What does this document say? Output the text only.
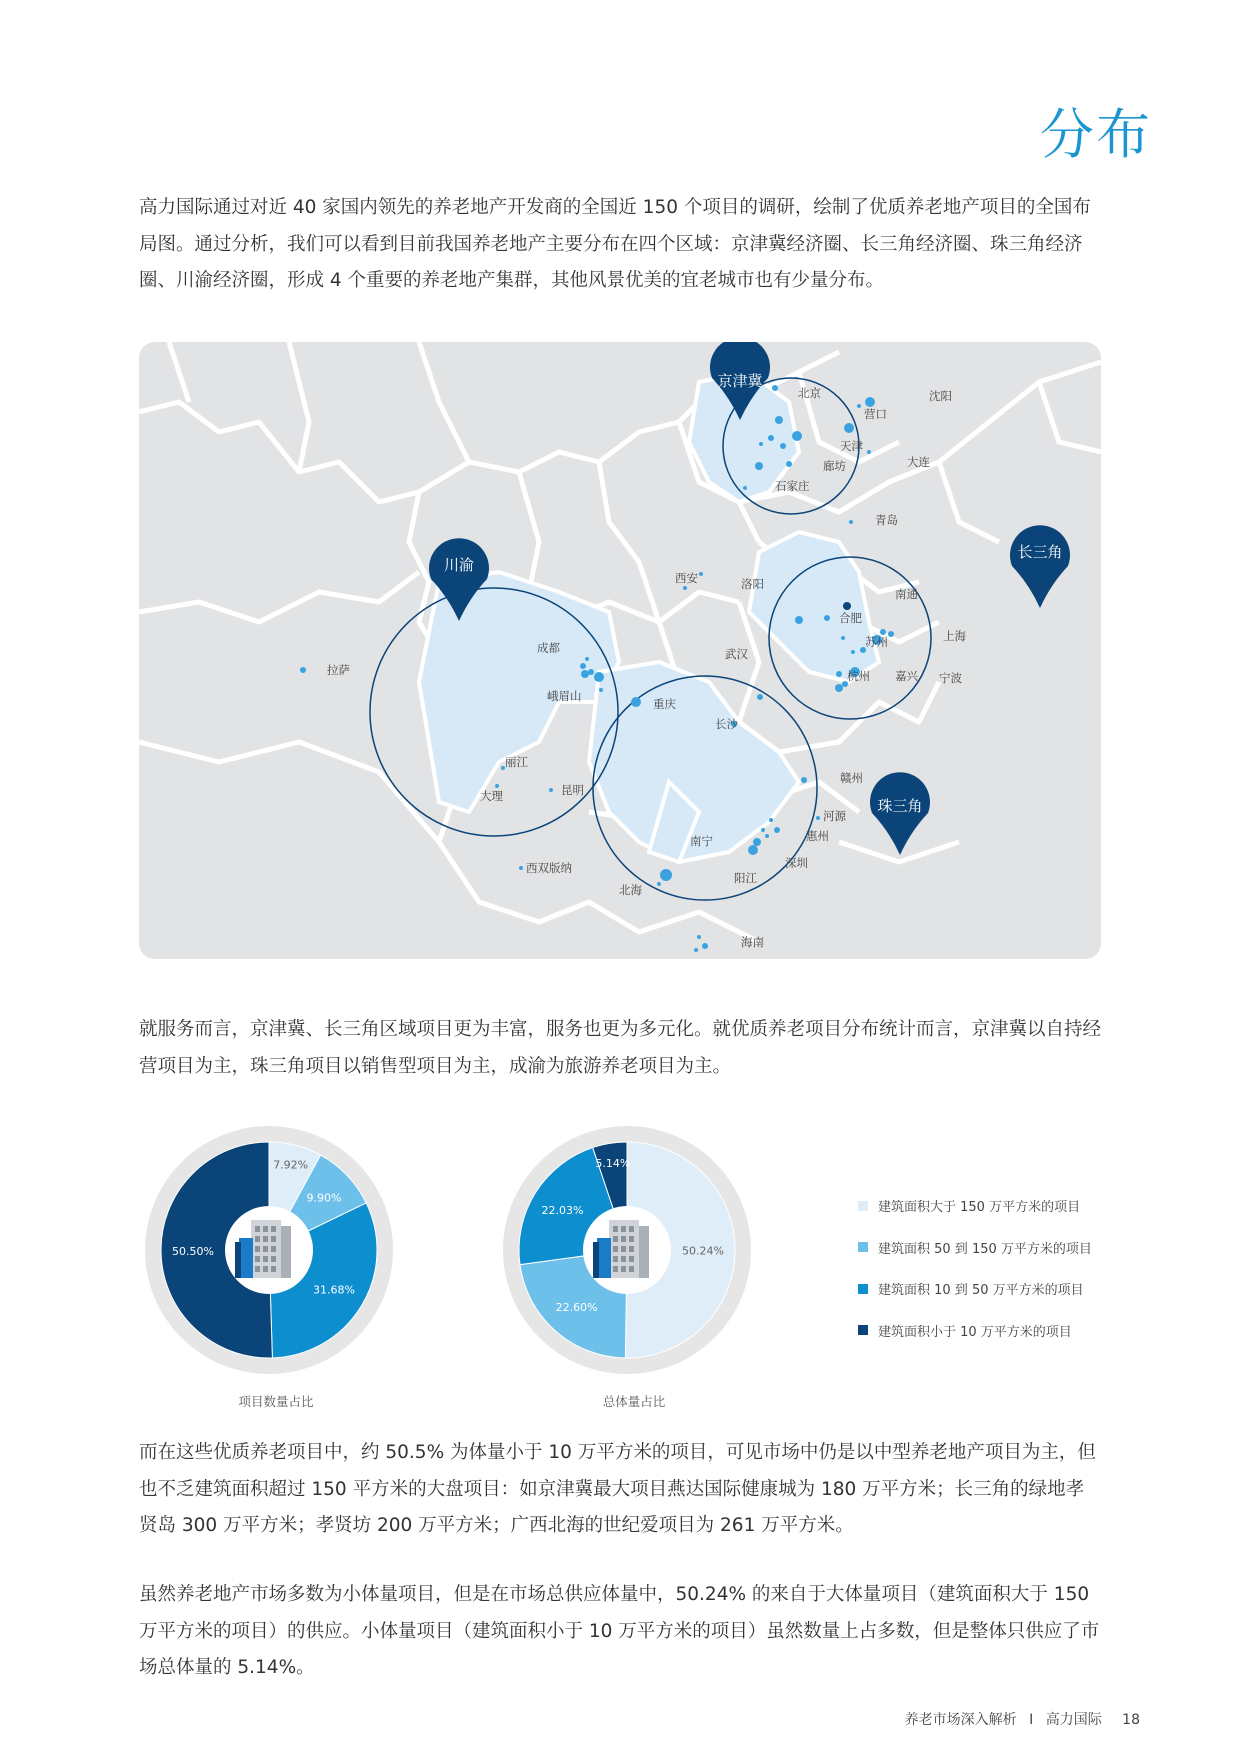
分布

高力国际通过对近 40 家国内领先的养老地产开发商的全国近 150 个项目的调研，绘制了优质养老地产项目的全国布局图。通过分析，我们可以看到目前我国养老地产主要分布在四个区域：京津冀经济圈、长三角经济圈、珠三角经济圈、川渝经济圈，形成 4 个重要的养老地产集群，其他风景优美的宜老城市也有少量分布。

北京
天津
廊坊
石家庄
营口
沈阳
大连
青岛
西安	洛阳
南通
合肥
苏州	上海
杭州 嘉兴 宁波
拉萨
成都
峨眉山
重庆
武汉
长沙
丽江
大理	昆明
赣州
河源
惠州
南宁
深圳
阳江
西双版纳
北海
海南
京津冀
川渝
长三角
珠三角

就服务而言，京津冀、长三角区域项目更为丰富，服务也更为多元化。就优质养老项目分布统计而言，京津冀以自持经营项目为主，珠三角项目以销售型项目为主，成渝为旅游养老项目为主。

7.92%
9.90%
31.68%
50.50%
项目数量占比
50.24%
22.60%
22.03%
5.14%
总体量占比
建筑面积大于 150 万平方米的项目
建筑面积 50 到 150 万平方米的项目
建筑面积 10 到 50 万平方米的项目
建筑面积小于 10 万平方米的项目

而在这些优质养老项目中，约 50.5% 为体量小于 10 万平方米的项目，可见市场中仍是以中型养老地产项目为主，但也不乏建筑面积超过 150 平方米的大盘项目：如京津冀最大项目燕达国际健康城为 180 万平方米；长三角的绿地孝贤岛 300 万平方米；孝贤坊 200 万平方米；广西北海的世纪爱项目为 261 万平方米。

虽然养老地产市场多数为小体量项目，但是在市场总供应体量中，50.24% 的来自于大体量项目（建筑面积大于 150 万平方米的项目）的供应。小体量项目（建筑面积小于 10 万平方米的项目）虽然数量上占多数，但是整体只供应了市场总体量的 5.14%。

养老市场深入解析 I 高力国际 18
